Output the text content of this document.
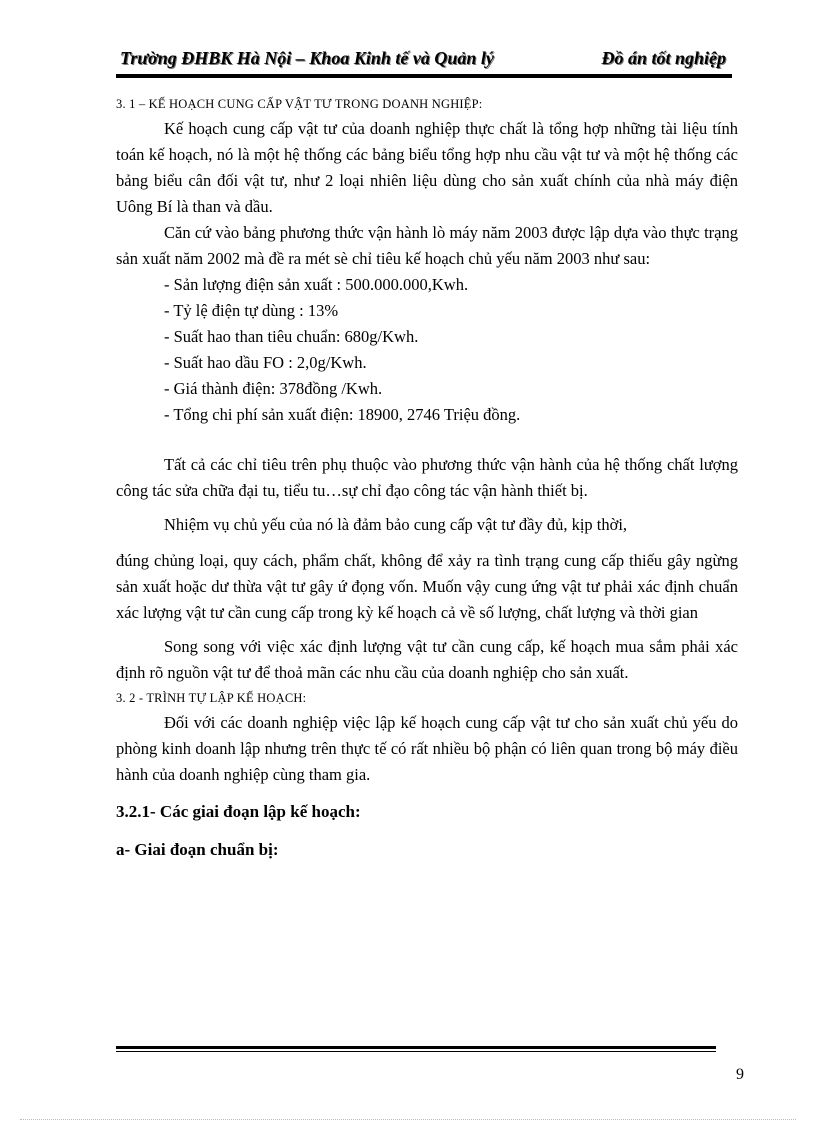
Trường ĐHBK Hà Nội – Khoa Kinh tế và Quản lý	Đồ án tốt nghiệp

3. 1 – KẾ HOẠCH CUNG CẤP VẬT TƯ TRONG DOANH NGHIỆP:

Kế hoạch cung cấp vật tư của doanh nghiệp thực chất là tổng hợp những tài liệu tính toán kế hoạch, nó là một hệ thống các bảng biểu tổng hợp nhu cầu vật tư và một hệ thống các bảng biểu cân đối vật tư, như 2 loại nhiên liệu dùng cho sản xuất chính của nhà máy điện Uông Bí là than và dầu.

Căn cứ vào bảng phương thức vận hành lò máy năm 2003 được lập dựa vào thực trạng sản xuất năm 2002 mà đề ra mét sè chỉ tiêu kế hoạch chủ yếu năm 2003 như sau:

- Sản lượng điện sản xuất : 500.000.000,Kwh.
- Tỷ lệ điện tự dùng : 13%
- Suất hao than tiêu chuẩn: 680g/Kwh.
- Suất hao dầu FO : 2,0g/Kwh.
- Giá thành điện: 378đồng /Kwh.
- Tổng chi phí sản xuất điện: 18900, 2746 Triệu đồng.

Tất cả các chỉ tiêu trên phụ thuộc vào phương thức vận hành của hệ thống chất lượng công tác sửa chữa đại tu, tiểu tu…sự chỉ đạo công tác vận hành thiết bị.

Nhiệm vụ chủ yếu của nó là đảm bảo cung cấp vật tư đầy đủ, kịp thời,

đúng chủng loại, quy cách, phẩm chất, không để xảy ra tình trạng cung cấp thiếu gây ngừng sản xuất hoặc dư thừa vật tư gây ứ đọng vốn. Muốn vậy cung ứng vật tư phải xác định chuẩn xác lượng vật tư cần cung cấp trong kỳ kế hoạch cả về số lượng, chất lượng và thời gian

Song song với việc xác định lượng vật tư cần cung cấp, kế hoạch mua sắm phải xác định rõ nguồn vật tư để thoả mãn các nhu cầu của doanh nghiệp cho sản xuất.

3. 2 - TRÌNH TỰ LẬP KẾ HOẠCH:

Đối với các doanh nghiệp việc lập kế hoạch cung cấp vật tư cho sản xuất chủ yếu do phòng kinh doanh lập nhưng trên thực tế có rất nhiều bộ phận có liên quan trong bộ máy điều hành của doanh nghiệp cùng tham gia.

3.2.1- Các giai đoạn lập kế hoạch:

a- Giai đoạn chuẩn bị:

9
